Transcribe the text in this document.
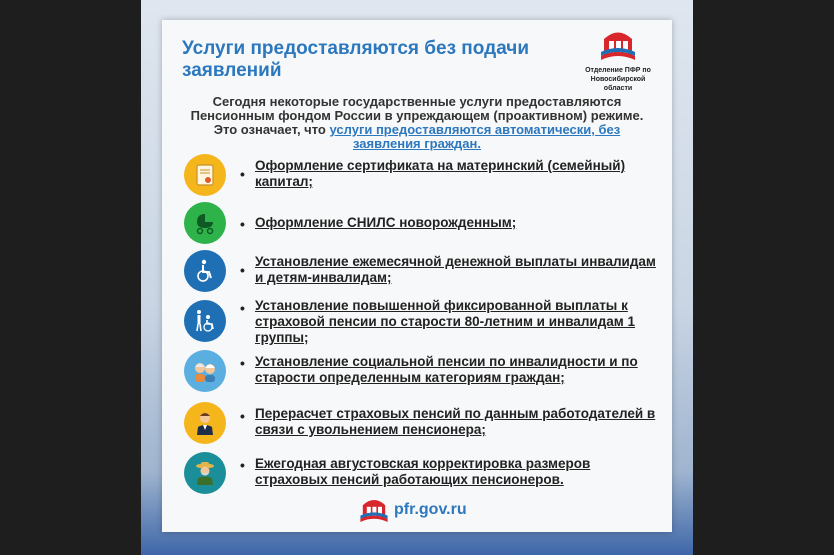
Услуги предоставляются без подачи заявлений	Отделение ПФР по Новосибирской области
Сегодня некоторые государственные услуги предоставляются Пенсионным фондом России в упреждающем (проактивном) режиме. Это означает, что услуги предоставляются автоматически, без заявления граждан.
•
Оформление сертификата на материнский (семейный) капитал;
• Оформление СНИЛС новорожденным;
•
Установление ежемесячной денежной выплаты инвалидам и детям-инвалидам;
• Установление повышенной фиксированной выплаты к страховой пенсии по старости 80-летним и инвалидам 1 группы;
• Установление социальной пенсии по инвалидности и по старости определенным категориям граждан;
• Перерасчет страховых пенсий по данным работодателей в связи с увольнением пенсионера;
• Ежегодная августовская корректировка размеров страховых пенсий работающих пенсионеров.
pfr.gov.ru
